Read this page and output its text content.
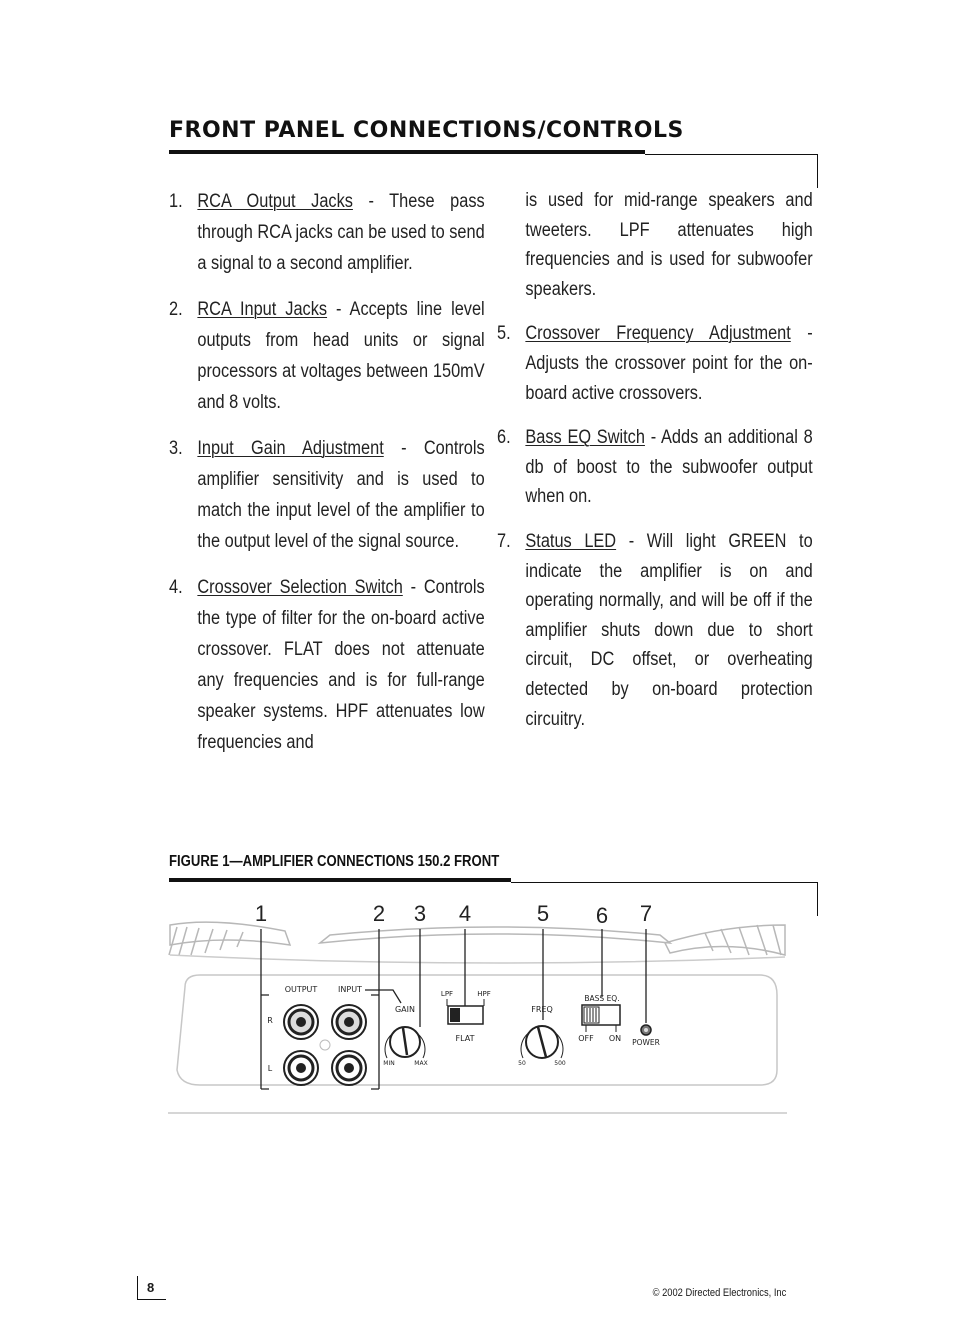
FRONT PANEL CONNECTIONS/CONTROLS
1. RCA Output Jacks - These pass through RCA jacks can be used to send a signal to a second amplifier.
2. RCA Input Jacks - Accepts line level outputs from head units or signal processors at voltages between 150mV and 8 volts.
3. Input Gain Adjustment - Controls amplifier sensitivity and is used to match the input level of the amplifier to the output level of the signal source.
4. Crossover Selection Switch - Controls the type of filter for the on-board active crossover. FLAT does not attenuate any frequencies and is for full-range speaker systems. HPF attenuates low frequencies and
is used for mid-range speakers and tweeters. LPF attenuates high frequencies and is used for subwoofer speakers.
5. Crossover Frequency Adjustment - Adjusts the crossover point for the on-board active crossovers.
6. Bass EQ Switch - Adds an additional 8 db of boost to the subwoofer output when on.
7. Status LED - Will light GREEN to indicate the amplifier is on and operating normally, and will be off if the amplifier shuts down due to short circuit, DC offset, or overheating detected by on-board protection circuitry.
FIGURE 1—AMPLIFIER CONNECTIONS 150.2 FRONT
1	2 3 4	5 6 7
OUTPUT	INPUT
R
L
GAIN
MIN	MAX
LPF	HPF
FLAT
FREQ
50	500
BASS EQ.
OFF ON POWER
8	© 2002 Directed Electronics, Inc
